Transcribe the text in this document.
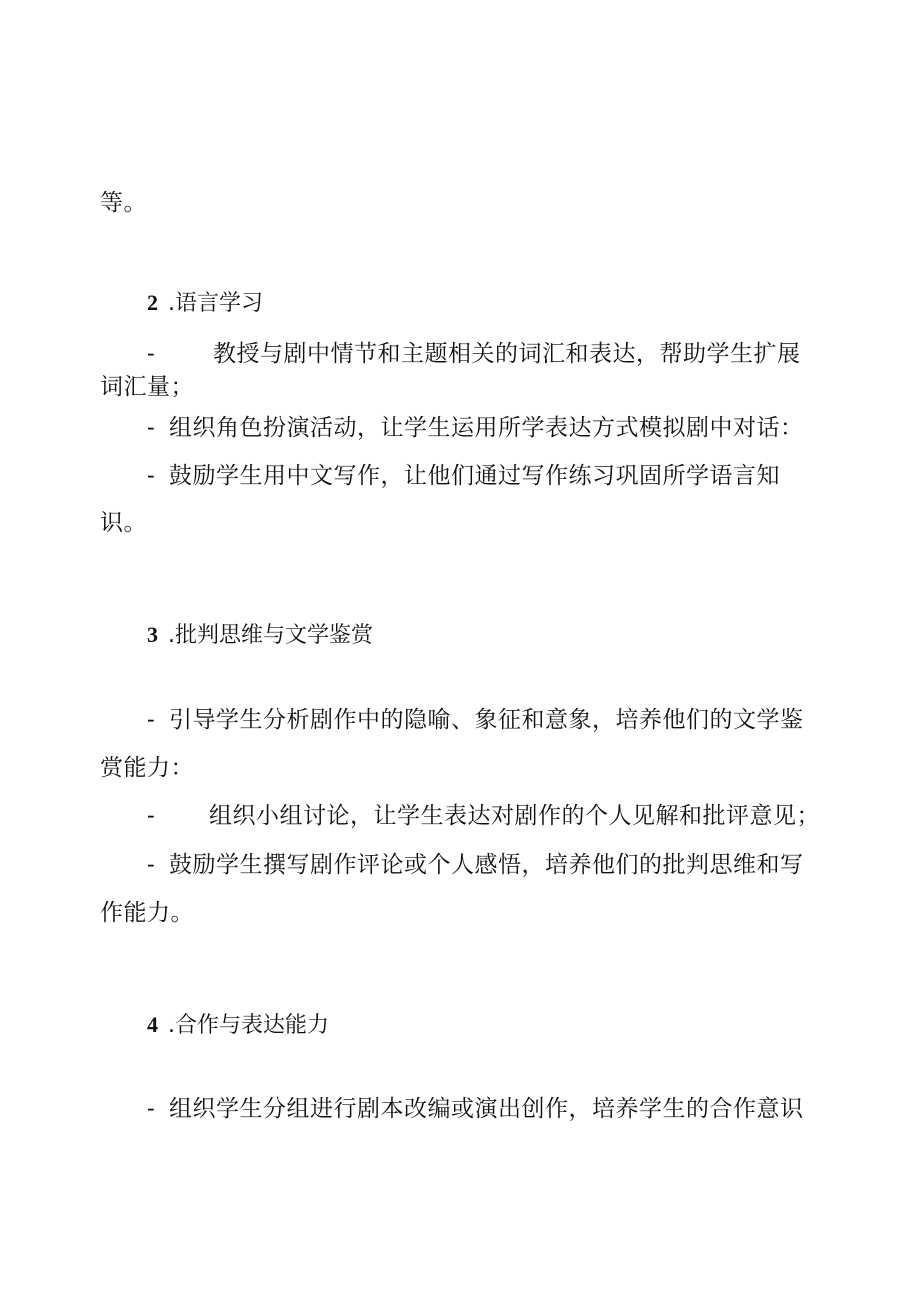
等。
2 .语言学习
-	教授与剧中情节和主题相关的词汇和表达，帮助学生扩展
词汇量；
- 组织角色扮演活动，让学生运用所学表达方式模拟剧中对话：
- 鼓励学生用中文写作，让他们通过写作练习巩固所学语言知
识。
3 .批判思维与文学鉴赏
- 引导学生分析剧作中的隐喻、象征和意象，培养他们的文学鉴
赏能力：
- 组织小组讨论，让学生表达对剧作的个人见解和批评意见；
- 鼓励学生撰写剧作评论或个人感悟，培养他们的批判思维和写
作能力。
4 .合作与表达能力
- 组织学生分组进行剧本改编或演出创作，培养学生的合作意识
